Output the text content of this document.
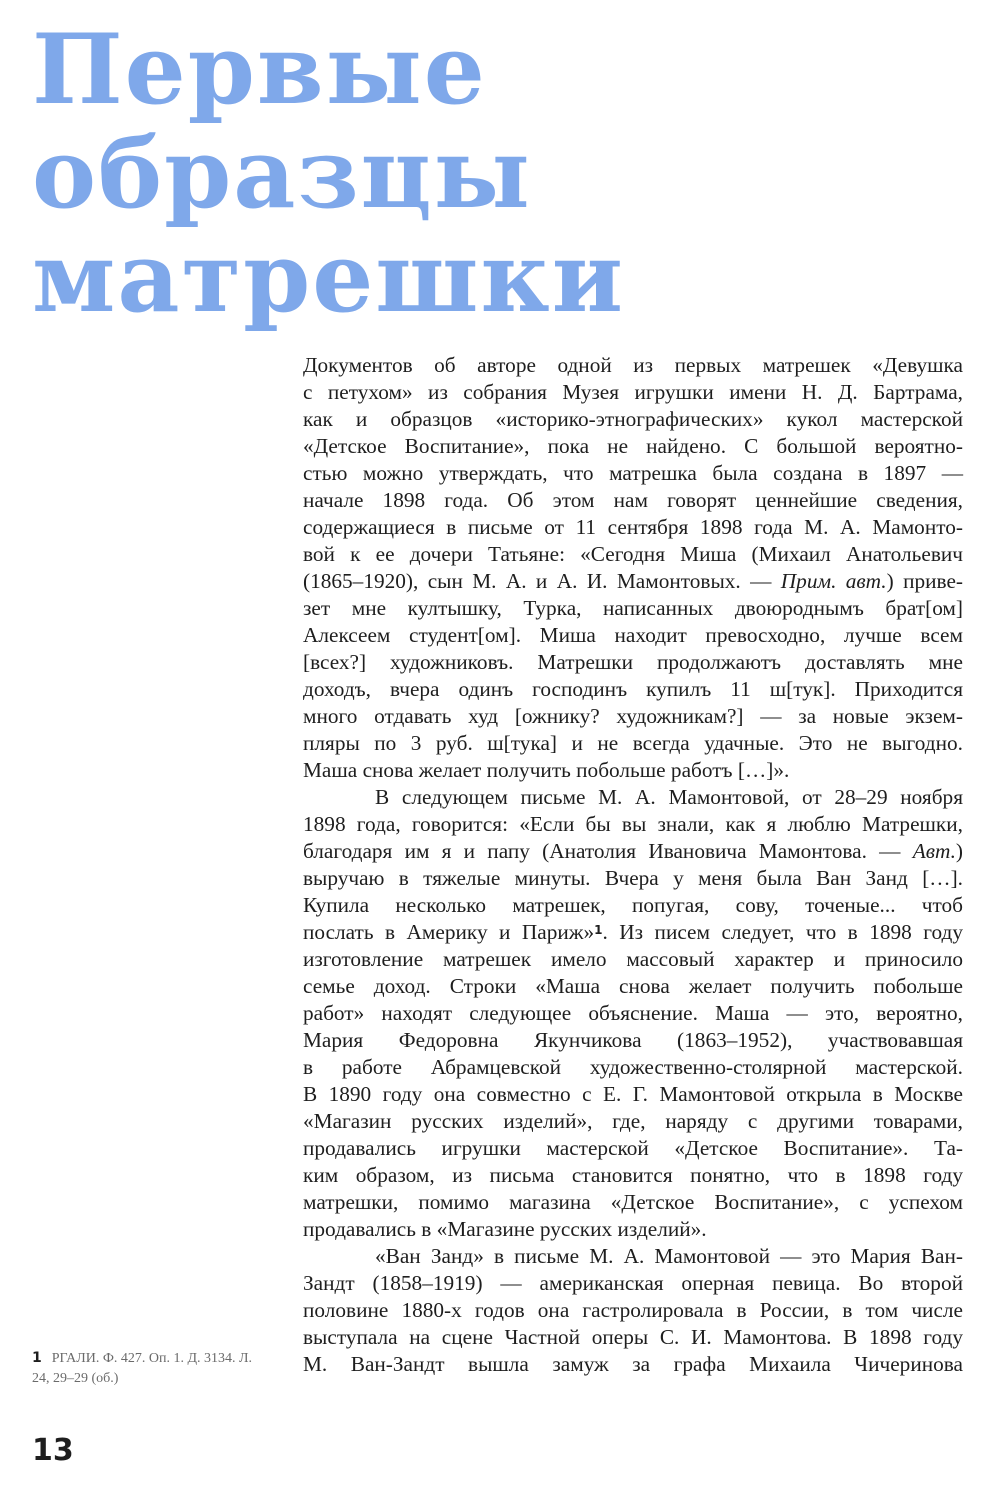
Первые
образцы
матрешки
Документов об авторе одной из первых матрешек «Девушка
с петухом» из собрания Музея игрушки имени Н. Д. Бартрама,
как и образцов «историко-этнографических» кукол мастерской
«Детское Воспитание», пока не найдено. С большой вероятно-
стью можно утверждать, что матрешка была создана в 1897 —
начале 1898 года. Об этом нам говорят ценнейшие сведения,
содержащиеся в письме от 11 сентября 1898 года М. А. Мамонто-
вой к ее дочери Татьяне: «Сегодня Миша (Михаил Анатольевич
(1865–1920), сын М. А. и А. И. Мамонтовых. — Прим. авт.) приве-
зет мне култышку, Турка, написанных двоюроднымъ брат[ом]
Алексеем студент[ом]. Миша находит превосходно, лучше всем
[всех?] художниковъ. Матрешки продолжаютъ доставлять мне
доходъ, вчера одинъ господинъ купилъ 11 ш[тук]. Приходится
много отдавать худ [ожнику? художникам?] — за новые экзем-
пляры по 3 руб. ш[тука] и не всегда удачные. Это не выгодно.
Маша снова желает получить побольше работъ […]».
В следующем письме М. А. Мамонтовой, от 28–29 ноября
1898 года, говорится: «Если бы вы знали, как я люблю Матрешки,
благодаря им я и папу (Анатолия Ивановича Мамонтова. — Авт.)
выручаю в тяжелые минуты. Вчера у меня была Ван Занд […].
Купила несколько матрешек, попугая, сову, точеные... чтоб
послать в Америку и Париж»$^1$. Из писем следует, что в 1898 году
изготовление матрешек имело массовый характер и приносило
семье доход. Строки «Маша снова желает получить побольше
работ» находят следующее объяснение. Маша — это, вероятно,
Мария Федоровна Якунчикова (1863–1952), участвовавшая
в работе Абрамцевской художественно-столярной мастерской.
В 1890 году она совместно с Е. Г. Мамонтовой открыла в Москве
«Магазин русских изделий», где, наряду с другими товарами,
продавались игрушки мастерской «Детское Воспитание». Та-
ким образом, из письма становится понятно, что в 1898 году
матрешки, помимо магазина «Детское Воспитание», с успехом
продавались в «Магазине русских изделий».
«Ван Занд» в письме М. А. Мамонтовой — это Мария Ван-
Зандт (1858–1919) — американская оперная певица. Во второй
половине 1880-х годов она гастролировала в России, в том числе
выступала на сцене Частной оперы С. И. Мамонтова. В 1898 году
М. Ван-Зандт вышла замуж за графа Михаила Чичеринова
1 РГАЛИ. Ф. 427. Оп. 1. Д. 3134. Л. 24, 29–29 (об.)
13
